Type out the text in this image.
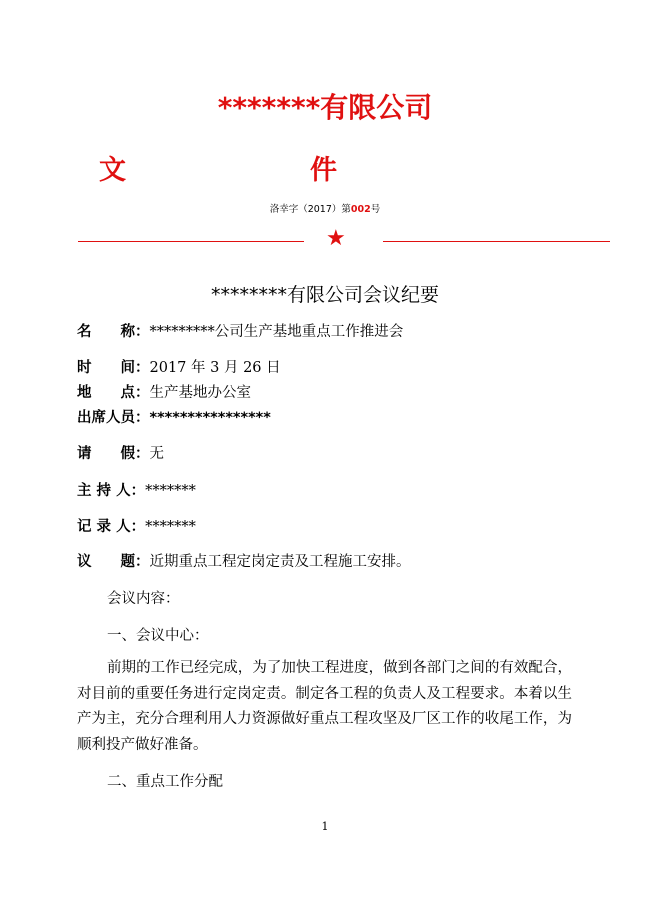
*******有限公司
文	件
洛幸字（2017）第002号
★
********有限公司会议纪要
名　　称：*********公司生产基地重点工作推进会
时　　间：2017 年 3 月 26 日
地　　点：生产基地办公室
出席人员：****************
请　　假：无
主 持 人：*******
记 录 人：*******
议　　题：近期重点工程定岗定责及工程施工安排。
会议内容：
一、会议中心：
前期的工作已经完成，为了加快工程进度，做到各部门之间的有效配合，对目前的重要任务进行定岗定责。制定各工程的负责人及工程要求。本着以生产为主，充分合理利用人力资源做好重点工程攻坚及厂区工作的收尾工作，为顺利投产做好准备。
二、重点工作分配
1
